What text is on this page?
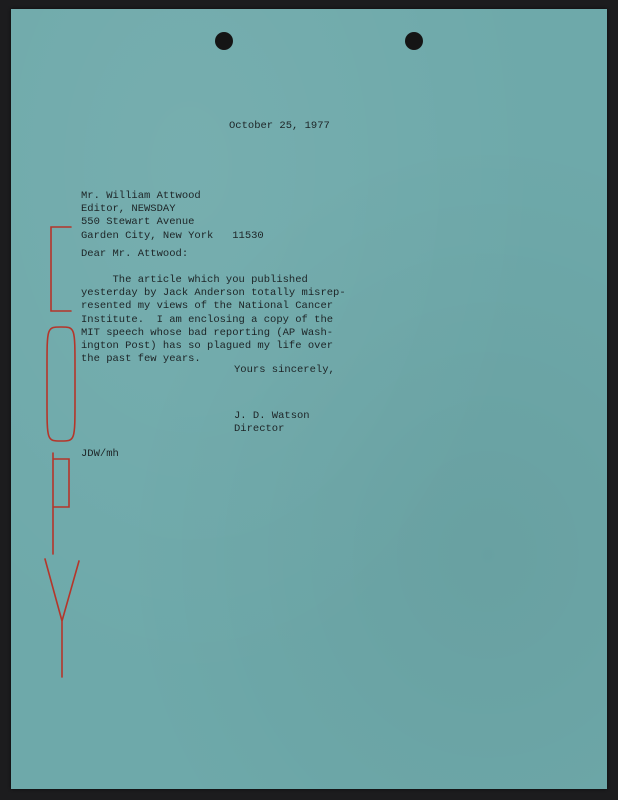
October 25, 1977
Mr. William Attwood
Editor, NEWSDAY
550 Stewart Avenue
Garden City, New York   11530
Dear Mr. Attwood:
The article which you published
yesterday by Jack Anderson totally misrep-
resented my views of the National Cancer
Institute.  I am enclosing a copy of the
MIT speech whose bad reporting (AP Wash-
ington Post) has so plagued my life over
the past few years.
Yours sincerely,
J. D. Watson
Director
JDW/mh
